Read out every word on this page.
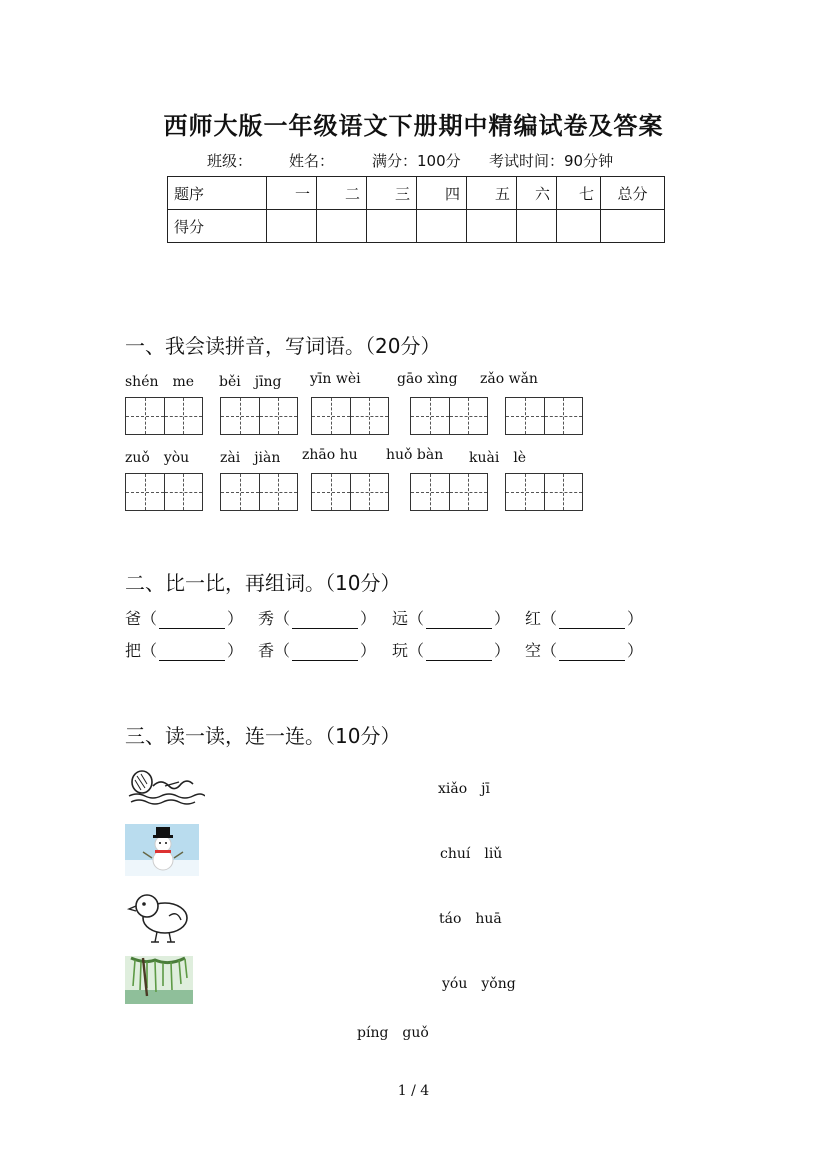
西师大版一年级语文下册期中精编试卷及答案
班级： 姓名：	满分：100分 考试时间：90分钟
题序	一	二	三	四	五	六	七	总分
得分								
一、我会读拼音，写词语。（20分）
shén　me běi　jīng yīn wèi	gāo xìng zǎo wǎn
zuǒ　yòu zài　jiàn zhāo hu huǒ bàn kuài　lè
二、比一比，再组词。（10分）
爸 （	） 秀 （	） 远 （	） 红 （	）
把 （	） 香 （	） 玩 （	） 空 （	）
三、读一读，连一连。（10分）
xiǎo　jī
chuí　liǔ
táo　huā
yóu　yǒng
píng　guǒ
1 / 4
